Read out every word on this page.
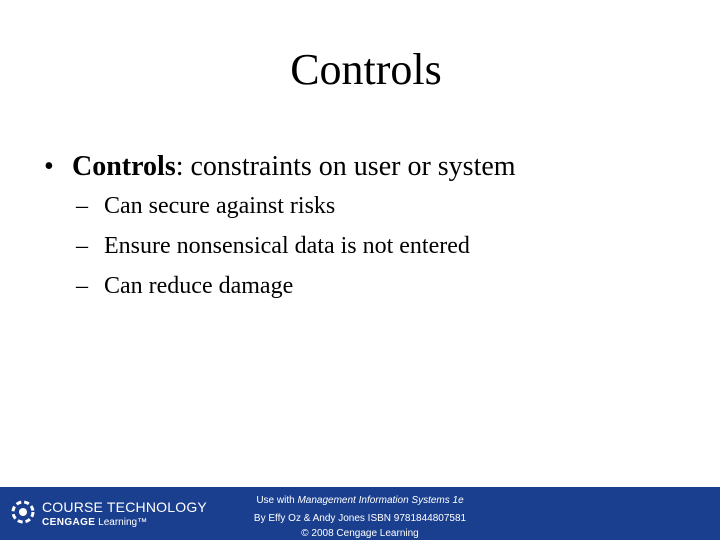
Controls
• Controls: constraints on user or system
– Can secure against risks
– Ensure nonsensical data is not entered
– Can reduce damage
COURSE TECHNOLOGY
CENGAGE Learning™
Use with Management Information Systems 1e
By Effy Oz & Andy Jones ISBN 9781844807581
© 2008 Cengage Learning
